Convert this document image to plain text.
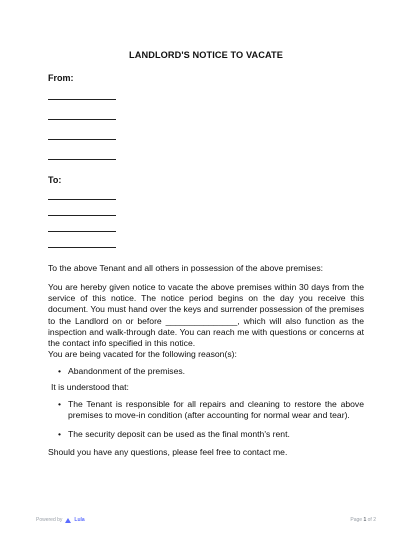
LANDLORD'S NOTICE TO VACATE
From:
To:
To the above Tenant and all others in possession of the above premises:
You are hereby given notice to vacate the above premises within 30 days from the service of this notice. The notice period begins on the day you receive this document. You must hand over the keys and surrender possession of the premises to the Landlord on or before _______________, which will also function as the inspection and walk-through date. You can reach me with questions or concerns at the contact info specified in this notice.
You are being vacated for the following reason(s):
• Abandonment of the premises.
It is understood that:
• The Tenant is responsible for all repairs and cleaning to restore the above premises to move-in condition (after accounting for normal wear and tear).
• The security deposit can be used as the final month's rent.
Should you have any questions, please feel free to contact me.
Powered by Lula	Page 1 of 2
